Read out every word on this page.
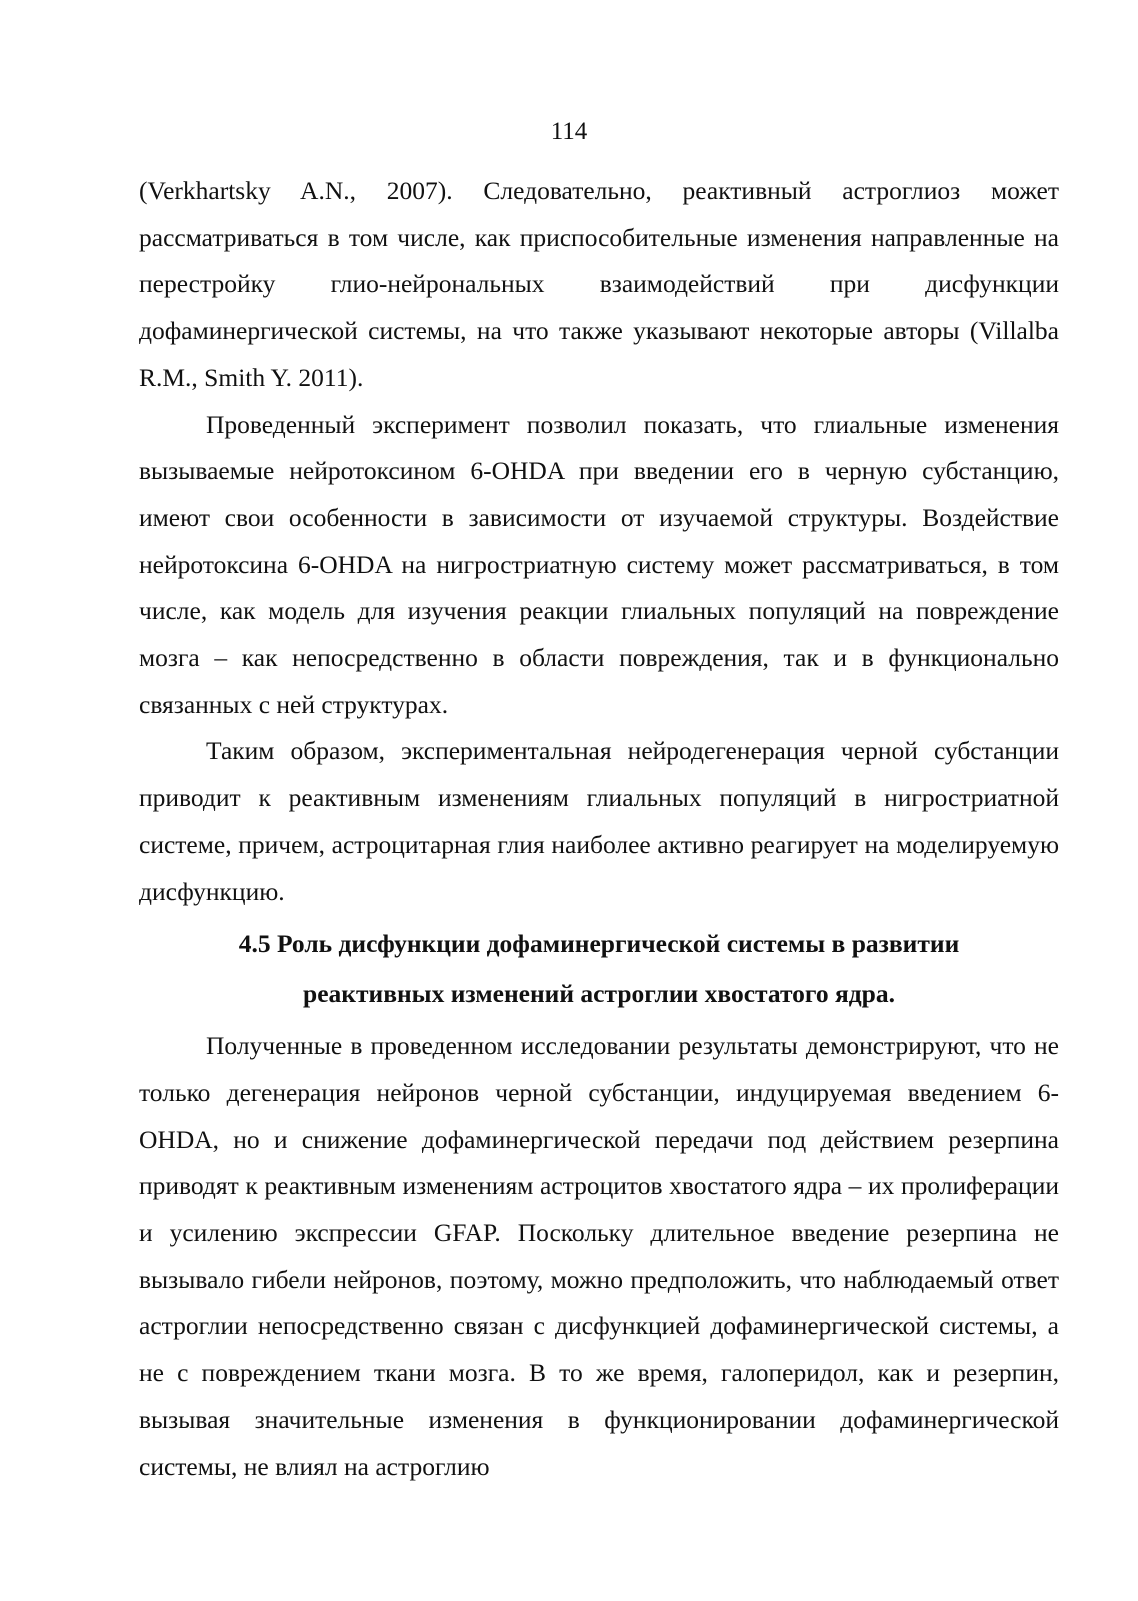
114

(Verkhartsky A.N., 2007). Следовательно, реактивный астроглиоз может рассматриваться в том числе, как приспособительные изменения направленные на перестройку глио-нейрональных взаимодействий при дисфункции дофаминергической системы, на что также указывают некоторые авторы (Villalba R.M., Smith Y. 2011).

Проведенный эксперимент позволил показать, что глиальные изменения вызываемые нейротоксином 6-OHDA при введении его в черную субстанцию, имеют свои особенности в зависимости от изучаемой структуры. Воздействие нейротоксина 6-OHDA на нигростриатную систему может рассматриваться, в том числе, как модель для изучения реакции глиальных популяций на повреждение мозга – как непосредственно в области повреждения, так и в функционально связанных с ней структурах.

Таким образом, экспериментальная нейродегенерация черной субстанции приводит к реактивным изменениям глиальных популяций в нигростриатной системе, причем, астроцитарная глия наиболее активно реагирует на моделируемую дисфункцию.

4.5 Роль дисфункции дофаминергической системы в развитии
реактивных изменений астроглии хвостатого ядра.

Полученные в проведенном исследовании результаты демонстрируют, что не только дегенерация нейронов черной субстанции, индуцируемая введением 6-OHDA, но и снижение дофаминергической передачи под действием резерпина приводят к реактивным изменениям астроцитов хвостатого ядра – их пролиферации и усилению экспрессии GFAP. Поскольку длительное введение резерпина не вызывало гибели нейронов, поэтому, можно предположить, что наблюдаемый ответ астроглии непосредственно связан с дисфункцией дофаминергической системы, а не с повреждением ткани мозга. В то же время, галоперидол, как и резерпин, вызывая значительные изменения в функционировании дофаминергической системы, не влиял на астроглию
